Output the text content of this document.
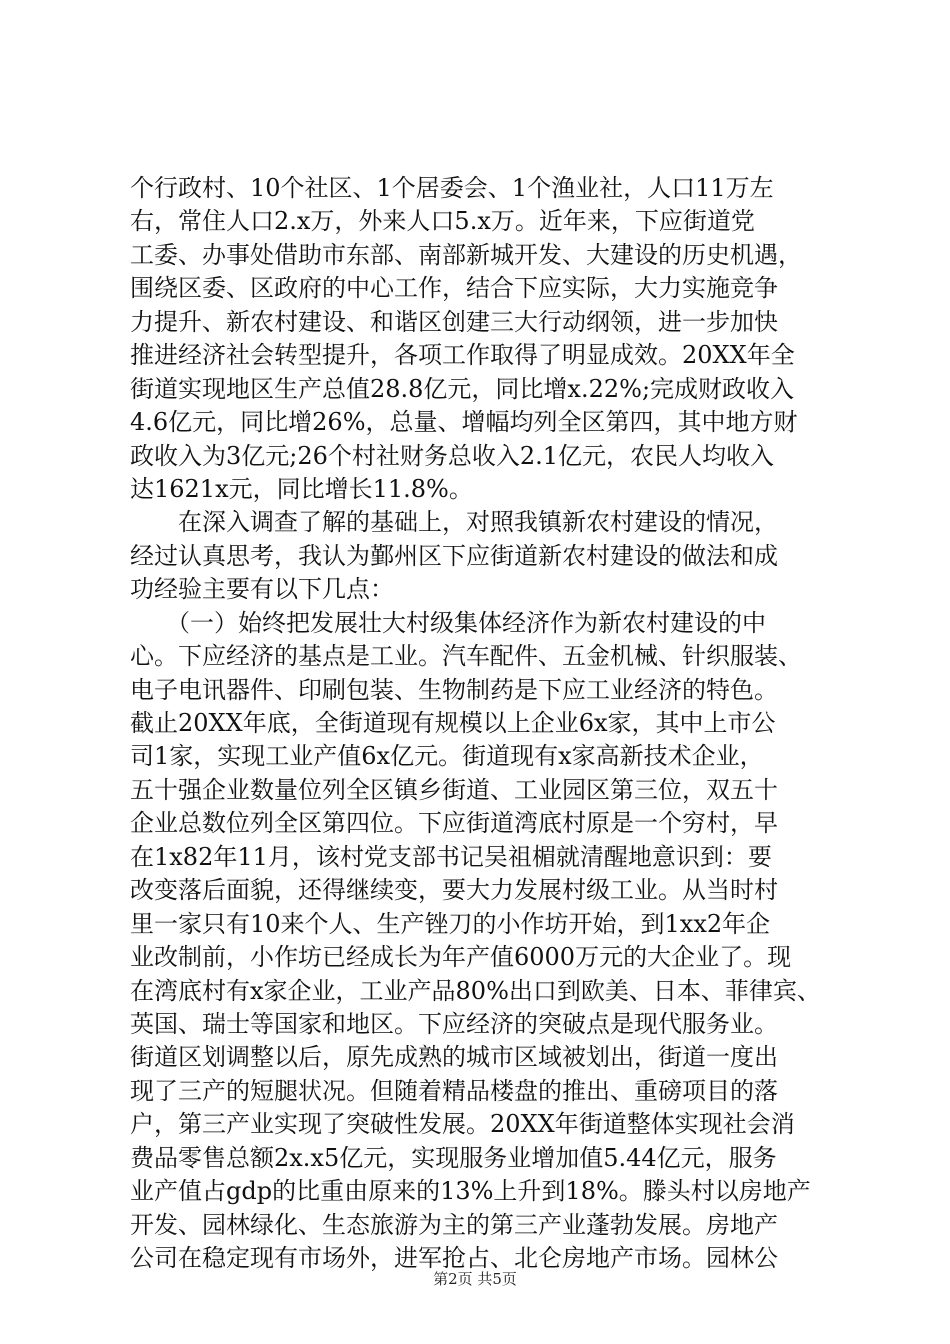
个行政村、10个社区、1个居委会、1个渔业社，人口11万左
右，常住人口2.x万，外来人口5.x万。近年来，下应街道党
工委、办事处借助市东部、南部新城开发、大建设的历史机遇，
围绕区委、区政府的中心工作，结合下应实际，大力实施竞争
力提升、新农村建设、和谐区创建三大行动纲领，进一步加快
推进经济社会转型提升，各项工作取得了明显成效。20XX年全
街道实现地区生产总值28.8亿元，同比增x.22%;完成财政收入
4.6亿元，同比增26%，总量、增幅均列全区第四，其中地方财
政收入为3亿元;26个村社财务总收入2.1亿元，农民人均收入
达1621x元，同比增长11.8%。
　　在深入调查了解的基础上，对照我镇新农村建设的情况，
经过认真思考，我认为鄞州区下应街道新农村建设的做法和成
功经验主要有以下几点：
　　（一）始终把发展壮大村级集体经济作为新农村建设的中
心。下应经济的基点是工业。汽车配件、五金机械、针织服装、
电子电讯器件、印刷包装、生物制药是下应工业经济的特色。
截止20XX年底，全街道现有规模以上企业6x家，其中上市公
司1家，实现工业产值6x亿元。街道现有x家高新技术企业，
五十强企业数量位列全区镇乡街道、工业园区第三位，双五十
企业总数位列全区第四位。下应街道湾底村原是一个穷村，早
在1x82年11月，该村党支部书记吴祖楣就清醒地意识到：要
改变落后面貌，还得继续变，要大力发展村级工业。从当时村
里一家只有10来个人、生产锉刀的小作坊开始，到1xx2年企
业改制前，小作坊已经成长为年产值6000万元的大企业了。现
在湾底村有x家企业，工业产品80%出口到欧美、日本、菲律宾、
英国、瑞士等国家和地区。下应经济的突破点是现代服务业。
街道区划调整以后，原先成熟的城市区域被划出，街道一度出
现了三产的短腿状况。但随着精品楼盘的推出、重磅项目的落
户，第三产业实现了突破性发展。20XX年街道整体实现社会消
费品零售总额2x.x5亿元，实现服务业增加值5.44亿元，服务
业产值占gdp的比重由原来的13%上升到18%。滕头村以房地产
开发、园林绿化、生态旅游为主的第三产业蓬勃发展。房地产
公司在稳定现有市场外，进军抢占、北仑房地产市场。园林公
第2页 共5页
